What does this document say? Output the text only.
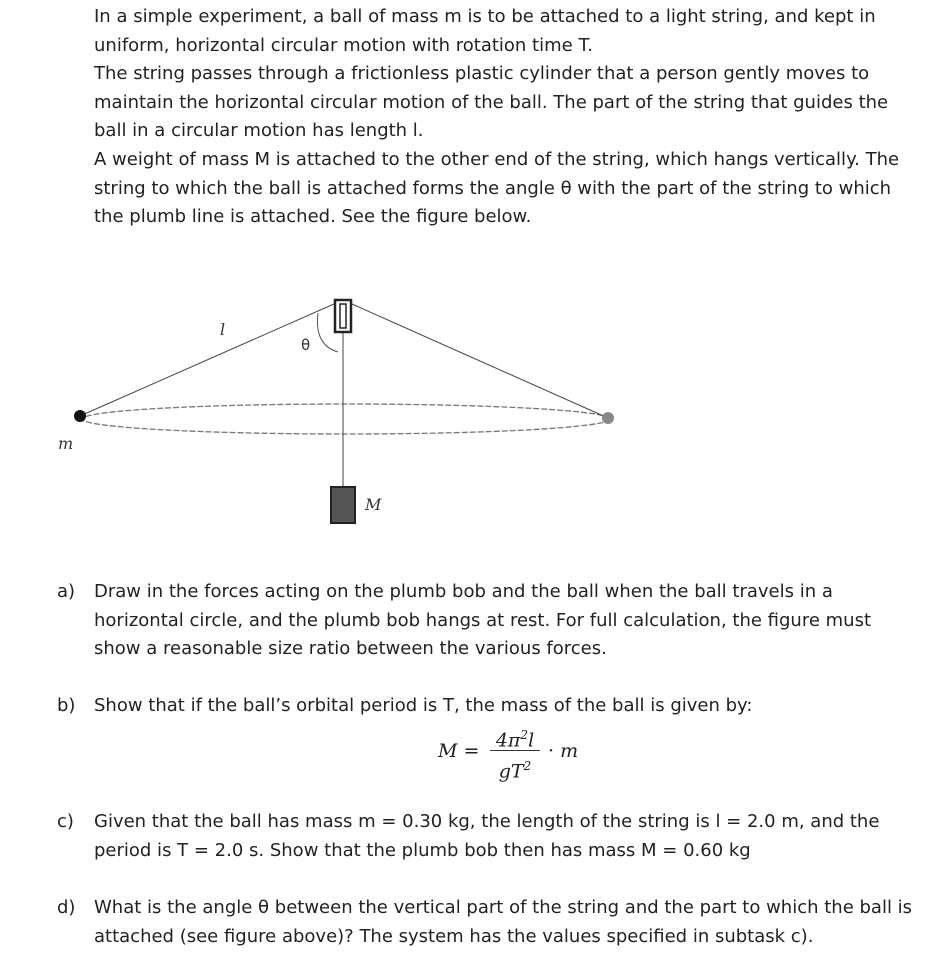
In a simple experiment, a ball of mass m is to be attached to a light string, and kept in uniform, horizontal circular motion with rotation time T.

The string passes through a frictionless plastic cylinder that a person gently moves to maintain the horizontal circular motion of the ball. The part of the string that guides the ball in a circular motion has length l.

A weight of mass M is attached to the other end of the string, which hangs vertically. The string to which the ball is attached forms the angle θ with the part of the string to which the plumb line is attached. See the figure below.

l
θ
m
M
a) Draw in the forces acting on the plumb bob and the ball when the ball travels in a horizontal circle, and the plumb bob hangs at rest. For full calculation, the figure must show a reasonable size ratio between the various forces.
b) Show that if the ball’s orbital period is T, the mass of the ball is given by:
$M = 4\pi^2l$
$gT^2$
· m
c) Given that the ball has mass m = 0.30 kg, the length of the string is l = 2.0 m, and the period is T = 2.0 s. Show that the plumb bob then has mass M = 0.60 kg
d) What is the angle θ between the vertical part of the string and the part to which the ball is attached (see figure above)? The system has the values specified in subtask c).
